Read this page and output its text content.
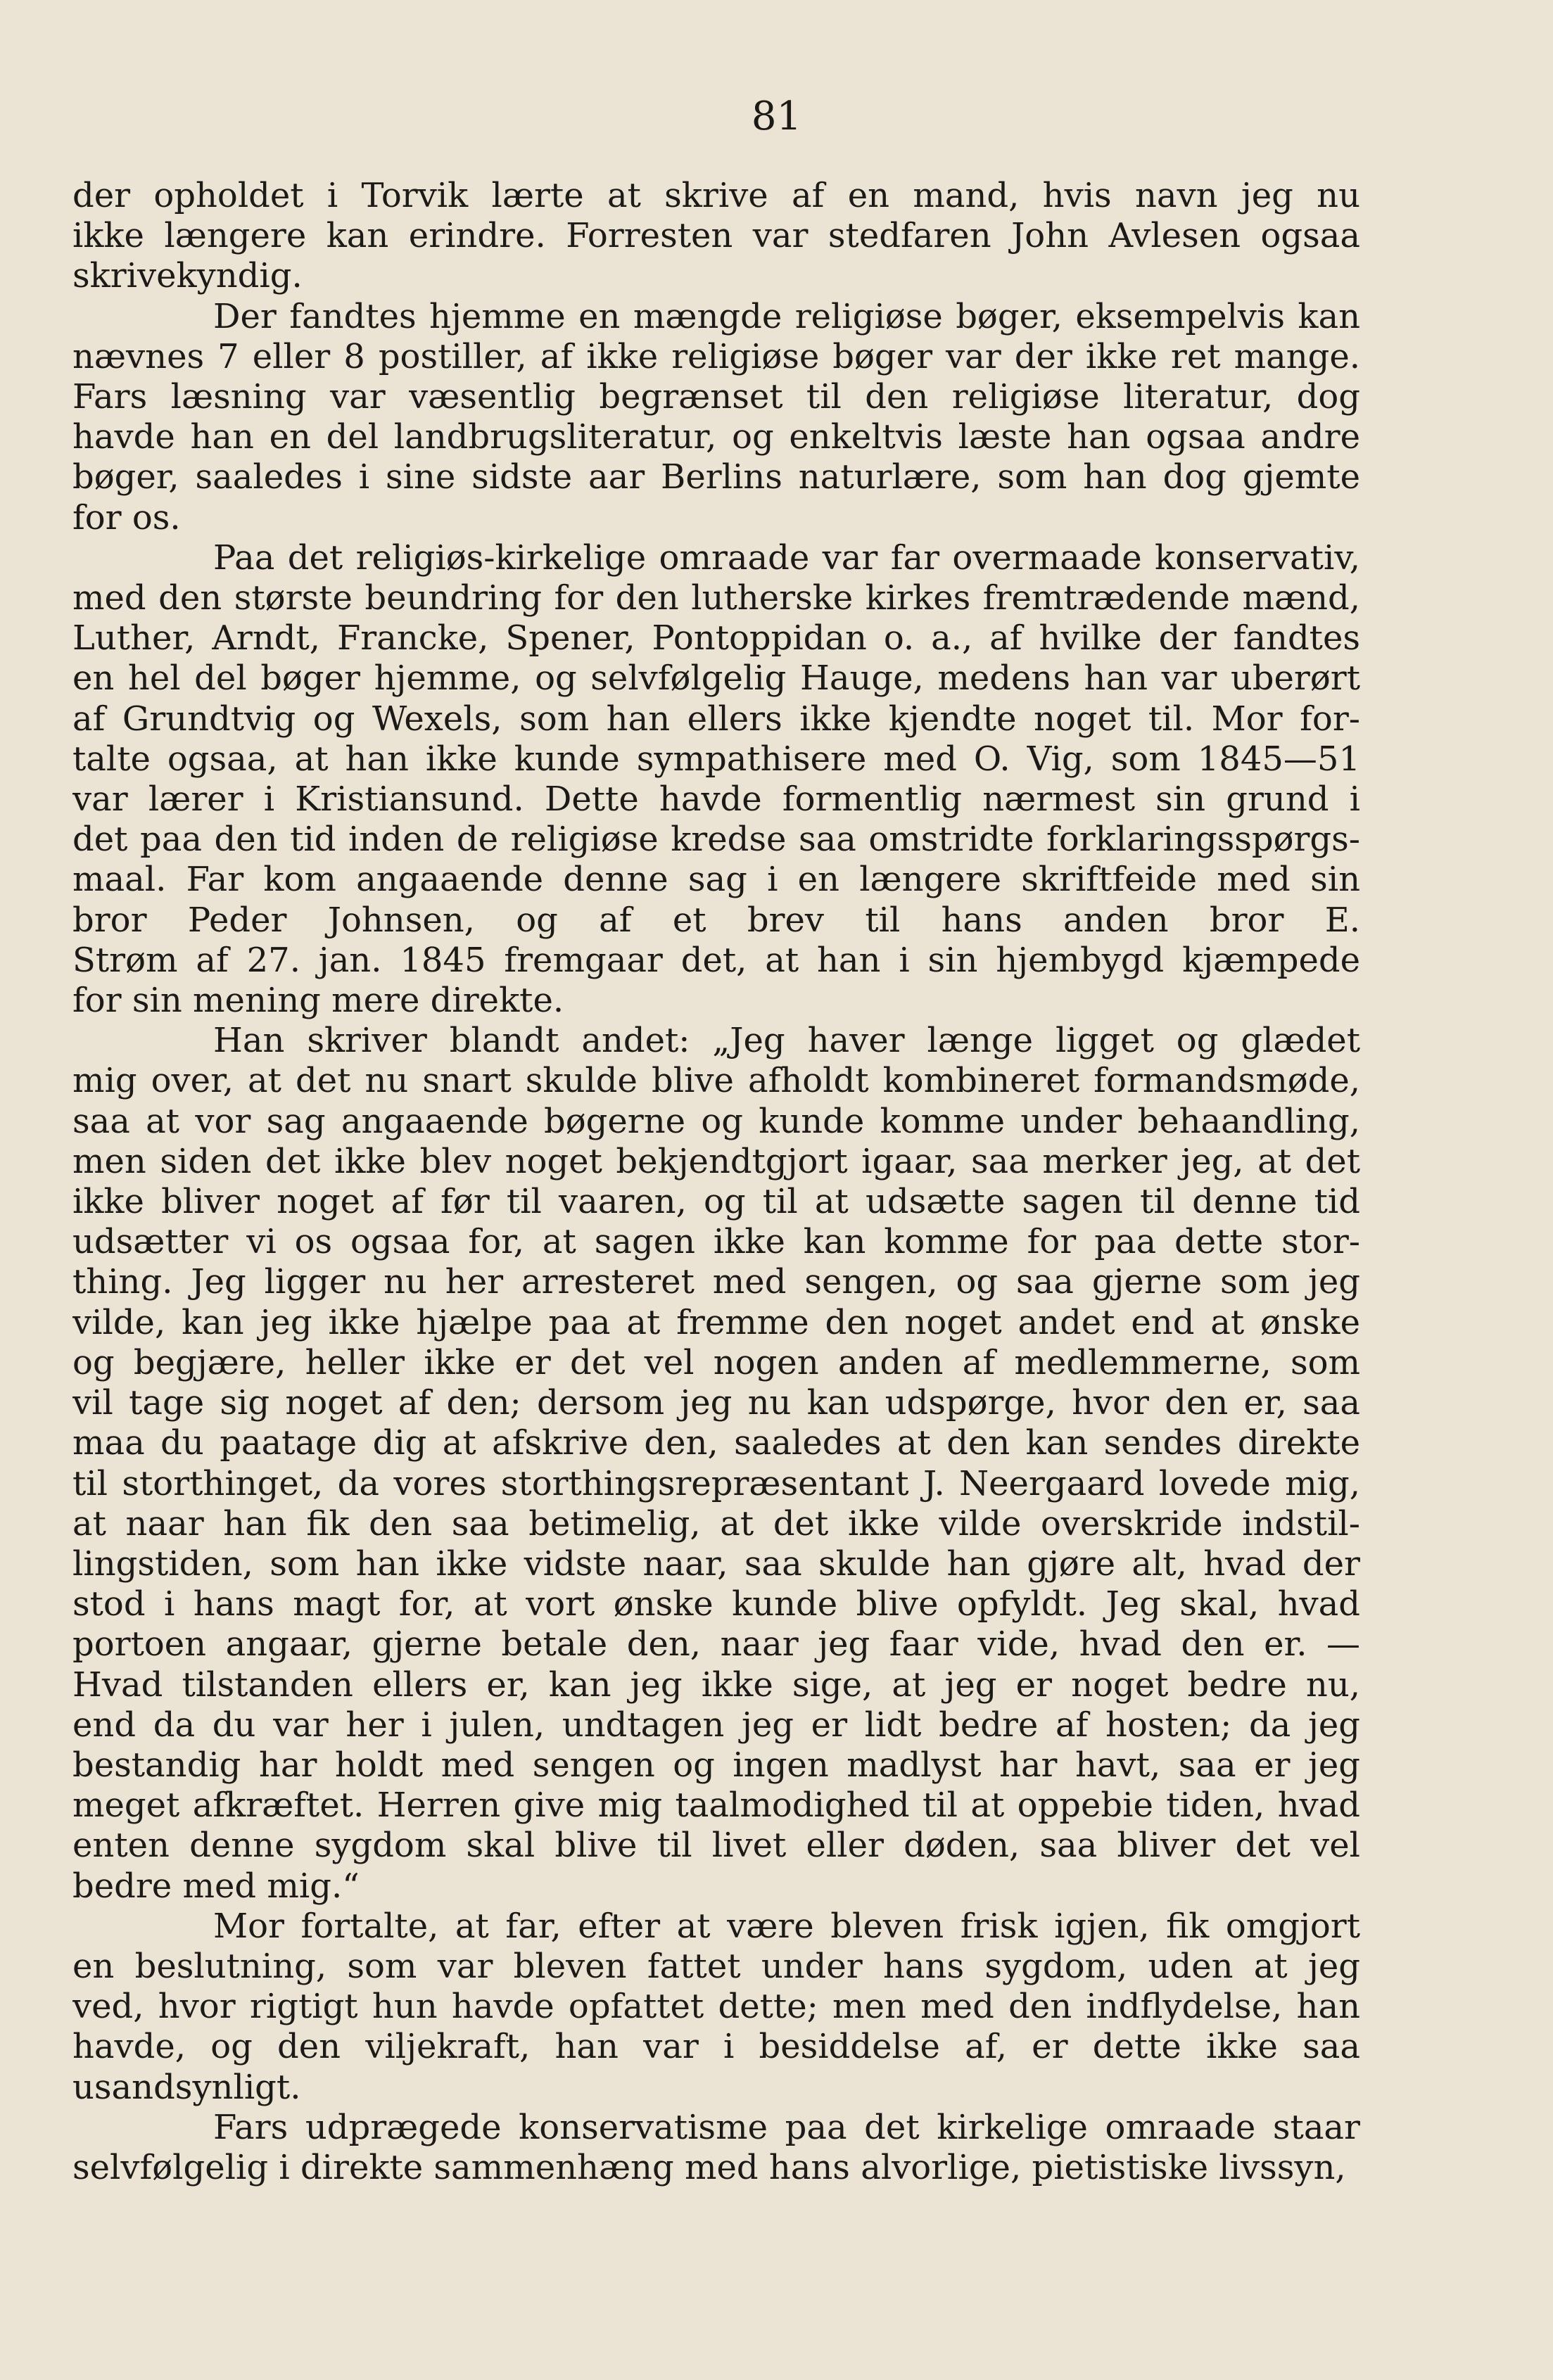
81
der opholdet i Torvik lærte at skrive af en mand, hvis navn jeg nu
ikke længere kan erindre. Forresten var stedfaren John Avlesen ogsaa
skrivekyndig.
Der fandtes hjemme en mængde religiøse bøger, eksempelvis kan
nævnes 7 eller 8 postiller, af ikke religiøse bøger var der ikke ret mange.
Fars læsning var væsentlig begrænset til den religiøse literatur, dog
havde han en del landbrugsliteratur, og enkeltvis læste han ogsaa andre
bøger, saaledes i sine sidste aar Berlins naturlære, som han dog gjemte
for os.
Paa det religiøs-kirkelige omraade var far overmaade konservativ,
med den største beundring for den lutherske kirkes fremtrædende mænd,
Luther, Arndt, Francke, Spener, Pontoppidan o. a., af hvilke der fandtes
en hel del bøger hjemme, og selvfølgelig Hauge, medens han var uberørt
af Grundtvig og Wexels, som han ellers ikke kjendte noget til. Mor for-
talte ogsaa, at han ikke kunde sympathisere med O. Vig, som 1845—51
var lærer i Kristiansund. Dette havde formentlig nærmest sin grund i
det paa den tid inden de religiøse kredse saa omstridte forklaringsspørgs-
maal. Far kom angaaende denne sag i en længere skriftfeide med sin
bror Peder Johnsen, og af et brev til hans anden bror E.
Strøm af 27. jan. 1845 fremgaar det, at han i sin hjembygd kjæmpede
for sin mening mere direkte.
Han skriver blandt andet: „Jeg haver længe ligget og glædet
mig over, at det nu snart skulde blive afholdt kombineret formandsmøde,
saa at vor sag angaaende bøgerne og kunde komme under behaandling,
men siden det ikke blev noget bekjendtgjort igaar, saa merker jeg, at det
ikke bliver noget af før til vaaren, og til at udsætte sagen til denne tid
udsætter vi os ogsaa for, at sagen ikke kan komme for paa dette stor-
thing. Jeg ligger nu her arresteret med sengen, og saa gjerne som jeg
vilde, kan jeg ikke hjælpe paa at fremme den noget andet end at ønske
og begjære, heller ikke er det vel nogen anden af medlemmerne, som
vil tage sig noget af den; dersom jeg nu kan udspørge, hvor den er, saa
maa du paatage dig at afskrive den, saaledes at den kan sendes direkte
til storthinget, da vores storthingsrepræsentant J. Neergaard lovede mig,
at naar han fik den saa betimelig, at det ikke vilde overskride indstil-
lingstiden, som han ikke vidste naar, saa skulde han gjøre alt, hvad der
stod i hans magt for, at vort ønske kunde blive opfyldt. Jeg skal, hvad
portoen angaar, gjerne betale den, naar jeg faar vide, hvad den er. —
Hvad tilstanden ellers er, kan jeg ikke sige, at jeg er noget bedre nu,
end da du var her i julen, undtagen jeg er lidt bedre af hosten; da jeg
bestandig har holdt med sengen og ingen madlyst har havt, saa er jeg
meget afkræftet. Herren give mig taalmodighed til at oppebie tiden, hvad
enten denne sygdom skal blive til livet eller døden, saa bliver det vel
bedre med mig.“
Mor fortalte, at far, efter at være bleven frisk igjen, fik omgjort
en beslutning, som var bleven fattet under hans sygdom, uden at jeg
ved, hvor rigtigt hun havde opfattet dette; men med den indflydelse, han
havde, og den viljekraft, han var i besiddelse af, er dette ikke saa
usandsynligt.
Fars udprægede konservatisme paa det kirkelige omraade staar
selvfølgelig i direkte sammenhæng med hans alvorlige, pietistiske livssyn,
